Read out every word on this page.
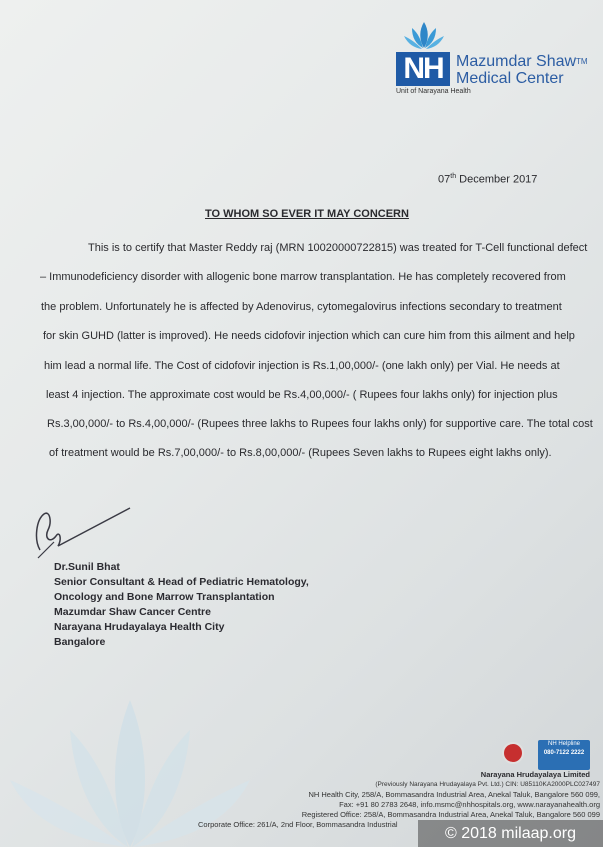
NH Mazumdar Shaw™
Medical Center
Unit of Narayana Health
07th December 2017
TO WHOM SO EVER IT MAY CONCERN
This is to certify that Master Reddy raj (MRN 10020000722815) was treated for T-Cell functional defect
– Immunodeficiency disorder with allogenic bone marrow transplantation. He has completely recovered from
the problem. Unfortunately he is affected by Adenovirus, cytomegalovirus infections secondary to treatment
for skin GUHD (latter is improved). He needs cidofovir injection which can cure him from this ailment and help
him lead a normal life. The Cost of cidofovir injection is Rs.1,00,000/- (one lakh only) per Vial. He needs at
least 4 injection. The approximate cost would be Rs.4,00,000/- ( Rupees four lakhs only) for injection plus
Rs.3,00,000/- to Rs.4,00,000/- (Rupees three lakhs to Rupees four lakhs only) for supportive care. The total cost
of treatment would be Rs.7,00,000/- to Rs.8,00,000/- (Rupees Seven lakhs to Rupees eight lakhs only).
Dr.Sunil Bhat
Senior Consultant & Head of Pediatric Hematology,
Oncology and Bone Marrow Transplantation
Mazumdar Shaw Cancer Centre
Narayana Hrudayalaya Health City
Bangalore
NH Helpline
080-7122 2222
Narayana Hrudayalaya Limited
(Previously Narayana Hrudayalaya Pvt. Ltd.) CIN: U85110KA2000PLC027497
NH Health City, 258/A, Bommasandra Industrial Area, Anekal Taluk, Bangalore 560 099,
Fax: +91 80 2783 2648, info.msmc@nhhospitals.org, www.narayanahealth.org
Registered Office: 258/A, Bommasandra Industrial Area, Anekal Taluk, Bangalore 560 099
Corporate Office: 261/A, 2nd Floor, Bommasandra Industrial
© 2018 milaap.org
